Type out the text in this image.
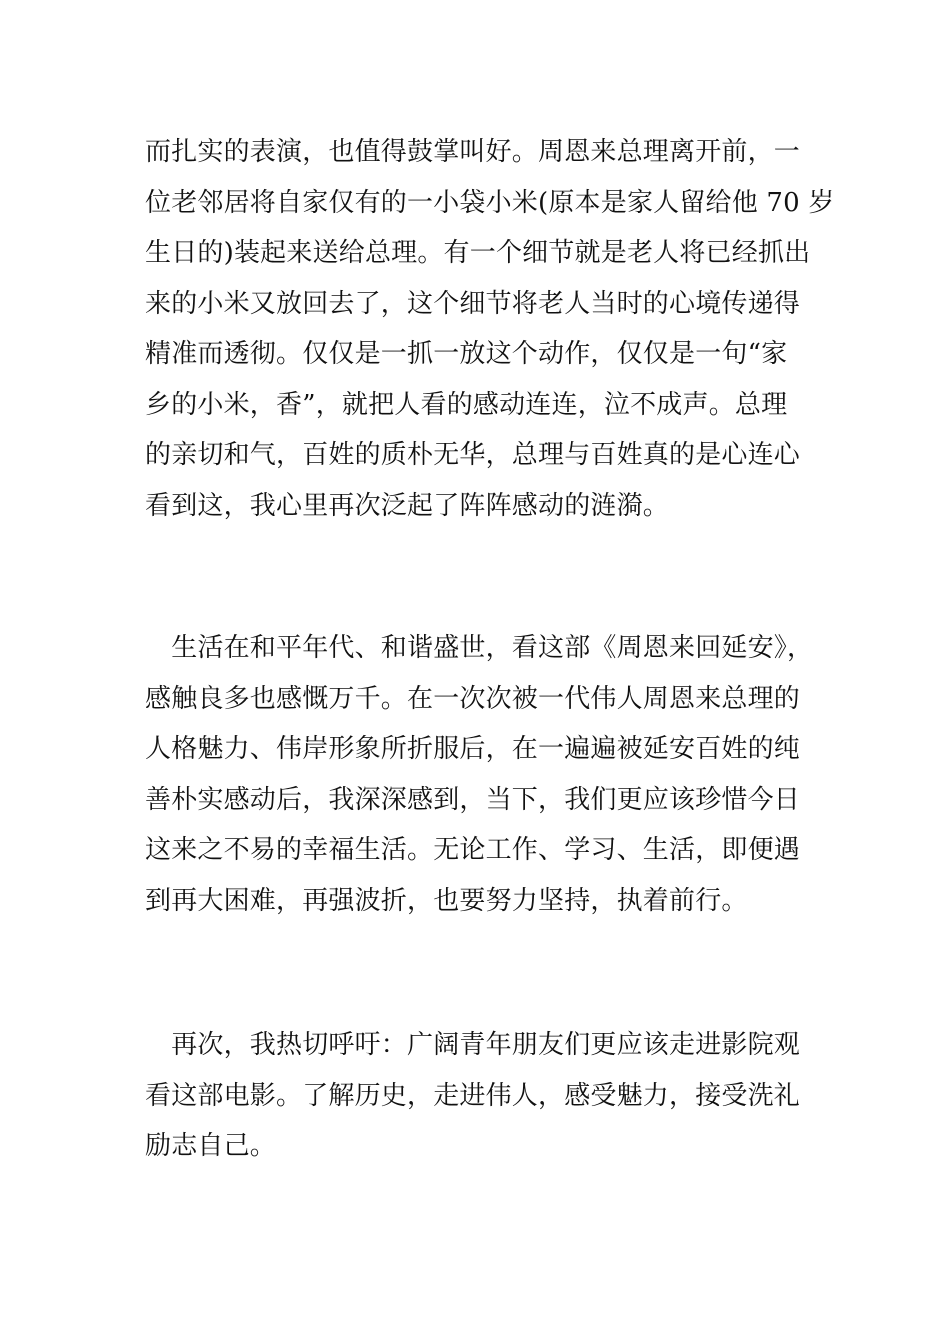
而扎实的表演，也值得鼓掌叫好。周恩来总理离开前，一
位老邻居将自家仅有的一小袋小米(原本是家人留给他 70 岁
生日的)装起来送给总理。有一个细节就是老人将已经抓出
来的小米又放回去了，这个细节将老人当时的心境传递得
精准而透彻。仅仅是一抓一放这个动作，仅仅是一句“家
乡的小米，香”，就把人看的感动连连，泣不成声。总理
的亲切和气，百姓的质朴无华，总理与百姓真的是心连心
看到这，我心里再次泛起了阵阵感动的涟漪。
　生活在和平年代、和谐盛世，看这部《周恩来回延安》，
感触良多也感慨万千。在一次次被一代伟人周恩来总理的
人格魅力、伟岸形象所折服后，在一遍遍被延安百姓的纯
善朴实感动后，我深深感到，当下，我们更应该珍惜今日
这来之不易的幸福生活。无论工作、学习、生活，即便遇
到再大困难，再强波折，也要努力坚持，执着前行。
　再次，我热切呼吁：广阔青年朋友们更应该走进影院观
看这部电影。了解历史，走进伟人，感受魅力，接受洗礼
励志自己。
